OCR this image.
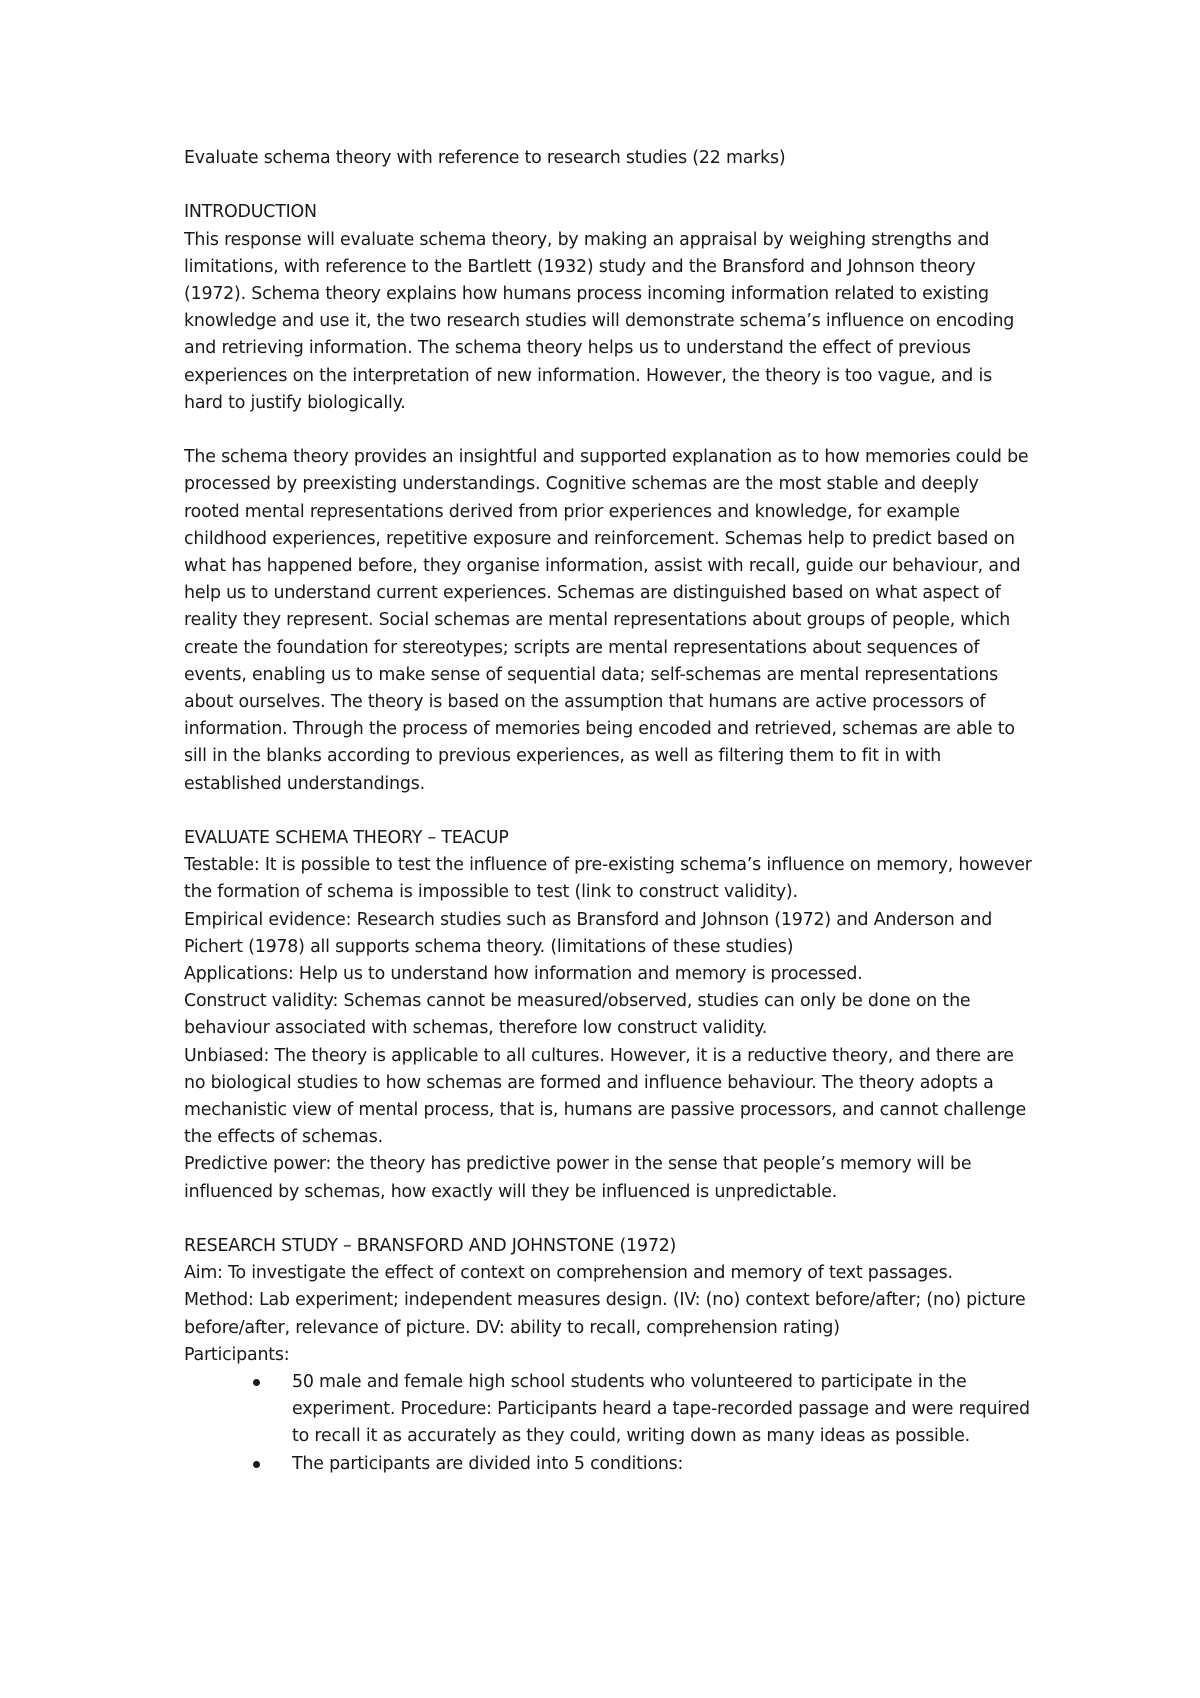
Evaluate schema theory with reference to research studies (22 marks)

INTRODUCTION

This response will evaluate schema theory, by making an appraisal by weighing strengths and limitations, with reference to the Bartlett (1932) study and the Bransford and Johnson theory (1972). Schema theory explains how humans process incoming information related to existing knowledge and use it, the two research studies will demonstrate schema’s influence on encoding and retrieving information. The schema theory helps us to understand the effect of previous experiences on the interpretation of new information. However, the theory is too vague, and is hard to justify biologically.

The schema theory provides an insightful and supported explanation as to how memories could be processed by preexisting understandings. Cognitive schemas are the most stable and deeply rooted mental representations derived from prior experiences and knowledge, for example childhood experiences, repetitive exposure and reinforcement. Schemas help to predict based on what has happened before, they organise information, assist with recall, guide our behaviour, and help us to understand current experiences. Schemas are distinguished based on what aspect of reality they represent. Social schemas are mental representations about groups of people, which create the foundation for stereotypes; scripts are mental representations about sequences of events, enabling us to make sense of sequential data; self-schemas are mental representations about ourselves. The theory is based on the assumption that humans are active processors of information. Through the process of memories being encoded and retrieved, schemas are able to sill in the blanks according to previous experiences, as well as filtering them to fit in with established understandings.

EVALUATE SCHEMA THEORY – TEACUP

Testable: It is possible to test the influence of pre-existing schema’s influence on memory, however the formation of schema is impossible to test (link to construct validity).

Empirical evidence: Research studies such as Bransford and Johnson (1972) and Anderson and Pichert (1978) all supports schema theory. (limitations of these studies)

Applications: Help us to understand how information and memory is processed.

Construct validity: Schemas cannot be measured/observed, studies can only be done on the behaviour associated with schemas, therefore low construct validity.

Unbiased: The theory is applicable to all cultures. However, it is a reductive theory, and there are no biological studies to how schemas are formed and influence behaviour. The theory adopts a mechanistic view of mental process, that is, humans are passive processors, and cannot challenge the effects of schemas.

Predictive power: the theory has predictive power in the sense that people’s memory will be influenced by schemas, how exactly will they be influenced is unpredictable.

RESEARCH STUDY – BRANSFORD AND JOHNSTONE (1972)

Aim: To investigate the effect of context on comprehension and memory of text passages.

Method: Lab experiment; independent measures design. (IV: (no) context before/after; (no) picture before/after, relevance of picture. DV: ability to recall, comprehension rating)

Participants:

50 male and female high school students who volunteered to participate in the experiment. Procedure: Participants heard a tape-recorded passage and were required to recall it as accurately as they could, writing down as many ideas as possible.
The participants are divided into 5 conditions:
